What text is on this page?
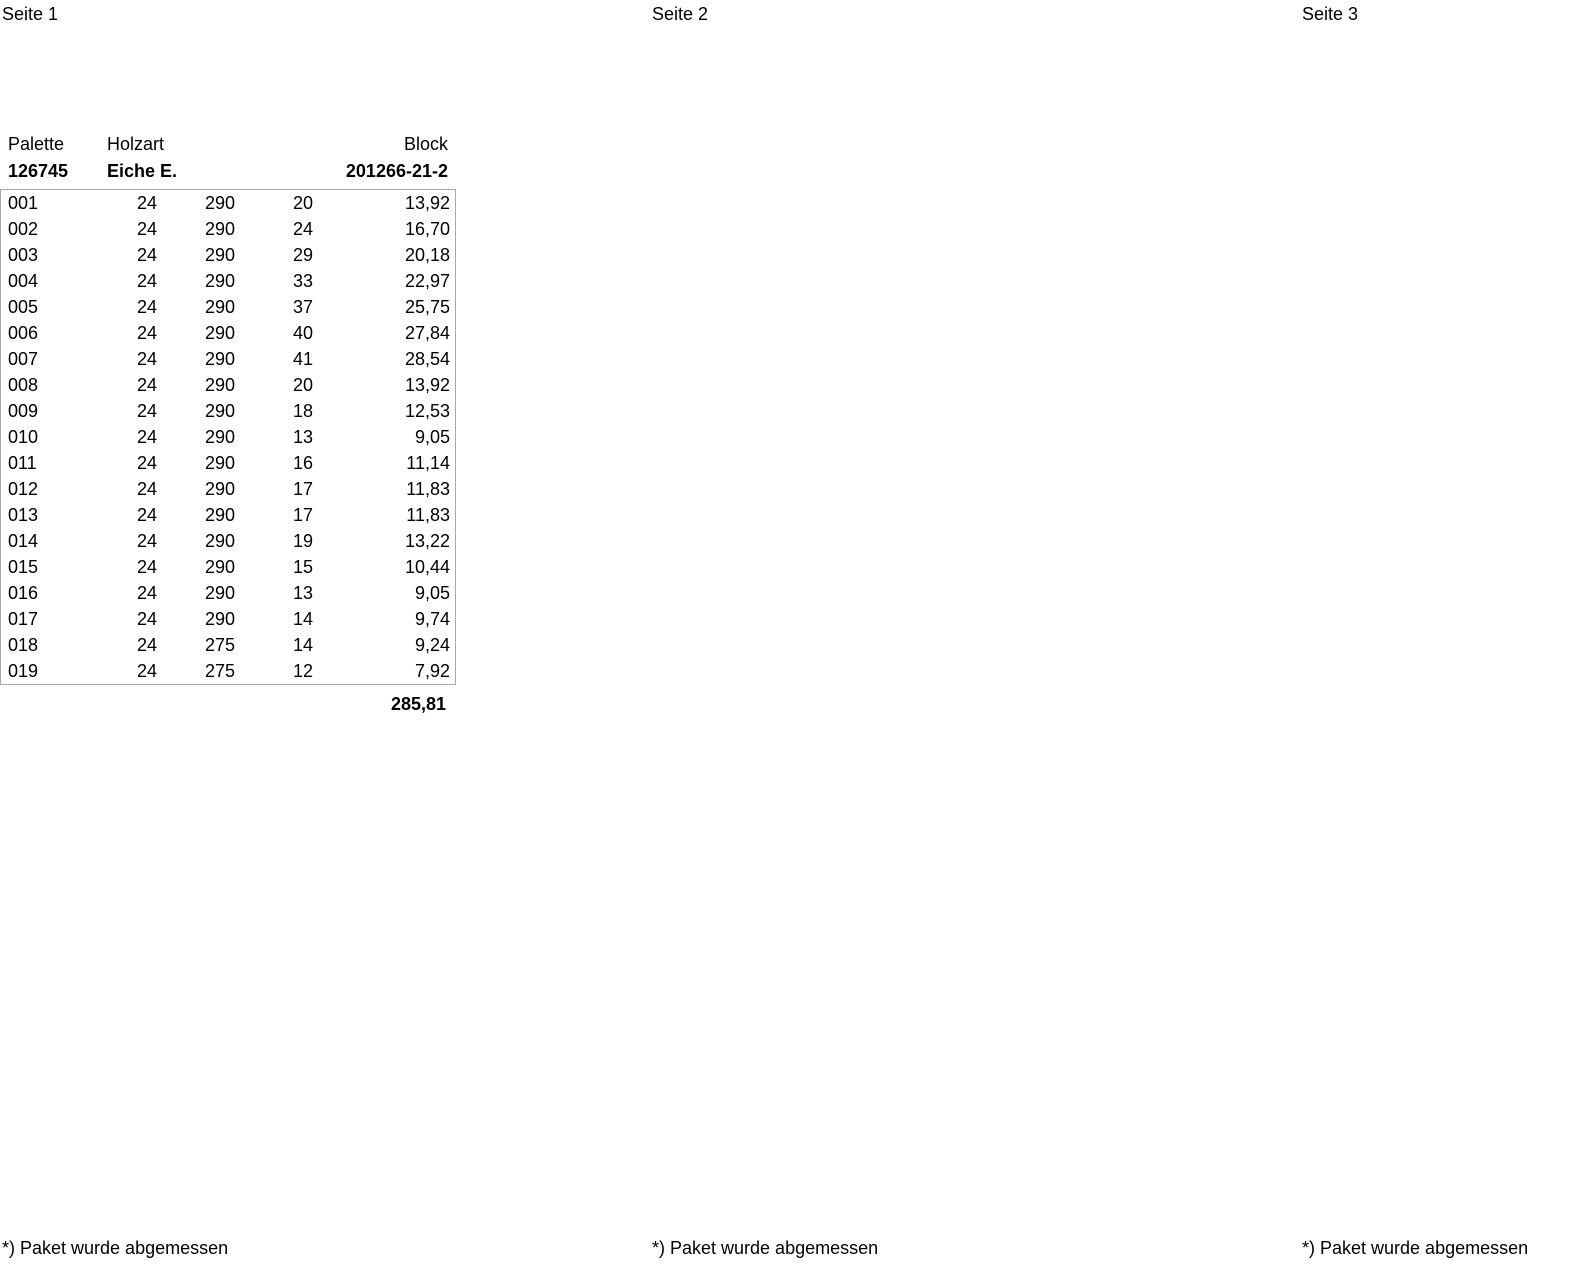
Seite 1	Seite 2	Seite 3
Palette Holzart	Block
126745 Eiche E.	201266-21-2
001	24	290	20	13,92
002	24	290	24	16,70
003	24	290	29	20,18
004	24	290	33	22,97
005	24	290	37	25,75
006	24	290	40	27,84
007	24	290	41	28,54
008	24	290	20	13,92
009	24	290	18	12,53
010	24	290	13	9,05
011	24	290	16	11,14
012	24	290	17	11,83
013	24	290	17	11,83
014	24	290	19	13,22
015	24	290	15	10,44
016	24	290	13	9,05
017	24	290	14	9,74
018	24	275	14	9,24
019	24	275	12	7,92
285,81
*) Paket wurde abgemessen	*) Paket wurde abgemessen	*) Paket wurde abgemessen
